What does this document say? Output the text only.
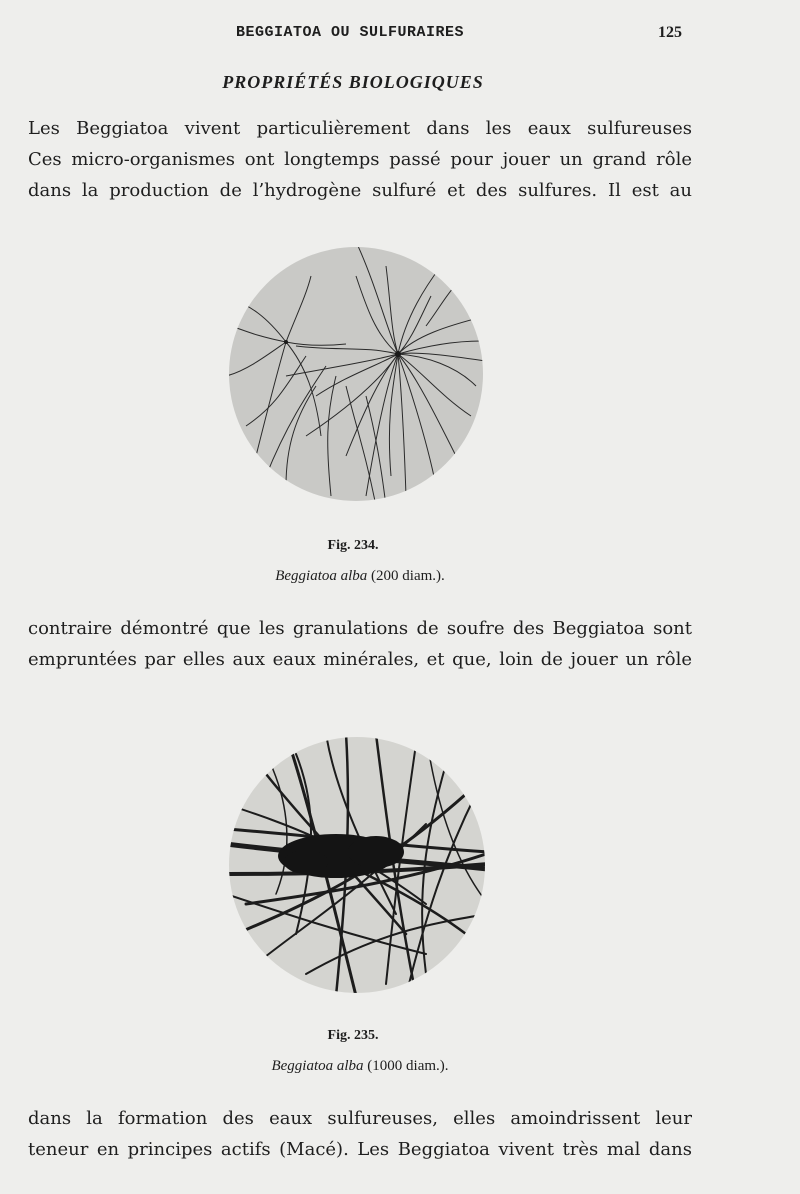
BEGGIATOA OU SULFURAIRES	125
PROPRIÉTÉS BIOLOGIQUES
Les Beggiatoa vivent particulièrement dans les eaux sulfureuses
Ces micro-organismes ont longtemps passé pour jouer un grand rôle
dans la production de l’hydrogène sulfuré et des sulfures. Il est au
Fig. 234.
Beggiatoa alba (200 diam.).
contraire démontré que les granulations de soufre des Beggiatoa sont
empruntées par elles aux eaux minérales, et que, loin de jouer un rôle
Fig. 235.
Beggiatoa alba (1000 diam.).
dans la formation des eaux sulfureuses, elles amoindrissent leur
teneur en principes actifs (Macé). Les Beggiatoa vivent très mal dans
